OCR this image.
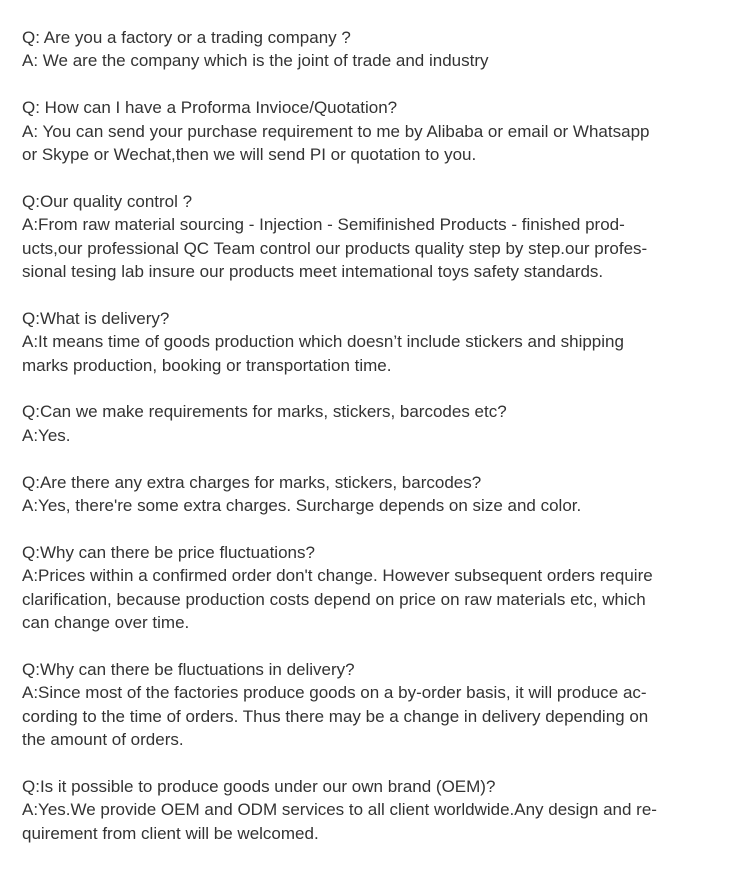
Q: Are you a factory or a trading company ?
A: We are the company which is the joint of trade and industry
Q: How can I have a Proforma Invioce/Quotation?
A: You can send your purchase requirement to me by Alibaba or email or Whatsapp
or Skype or Wechat,then we will send PI or quotation to you.
Q:Our quality control ?
A:From raw material sourcing - Injection - Semifinished Products - finished prod-
ucts,our professional QC Team control our products quality step by step.our profes-
sional tesing lab insure our products meet intemational toys safety standards.
Q:What is delivery?
A:It means time of goods production which doesn’t include stickers and shipping
marks production, booking or transportation time.
Q:Can we make requirements for marks, stickers, barcodes etc?
A:Yes.
Q:Are there any extra charges for marks, stickers, barcodes?
A:Yes, there're some extra charges. Surcharge depends on size and color.
Q:Why can there be price fluctuations?
A:Prices within a confirmed order don't change. However subsequent orders require
clarification, because production costs depend on price on raw materials etc, which
can change over time.
Q:Why can there be fluctuations in delivery?
A:Since most of the factories produce goods on a by-order basis, it will produce ac-
cording to the time of orders. Thus there may be a change in delivery depending on
the amount of orders.
Q:Is it possible to produce goods under our own brand (OEM)?
A:Yes.We provide OEM and ODM services to all client worldwide.Any design and re-
quirement from client will be welcomed.
